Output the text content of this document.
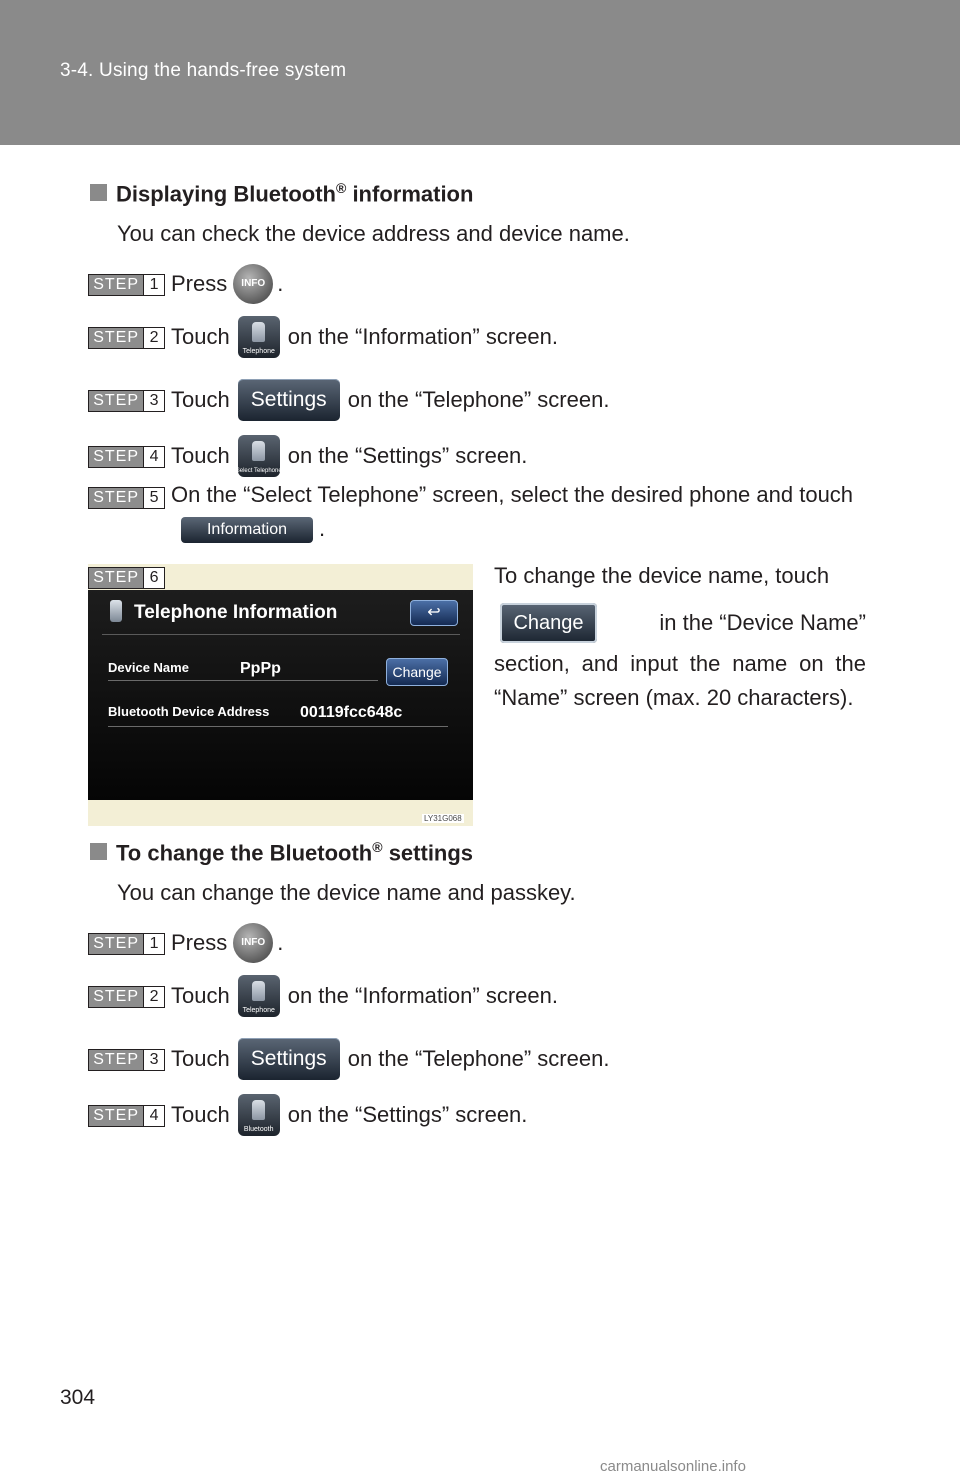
3-4. Using the hands-free system
Displaying Bluetooth® information
You can check the device address and device name.
STEP 1 Press	INFO .
STEP 2 Touch
Telephone
on the “Information” screen.
STEP 3 Touch	Settings on the “Telephone” screen.
STEP 4 Touch
Select Telephone
on the “Settings” screen.
STEP 5 On the “Select Telephone” screen, select the desired phone and touchInformation .
STEP 6
Telephone Information	↩
Device Name	PpPp	Change
Bluetooth Device Address 00119fcc648c
LY31G068
To change the device name, touch
Change	in the “Device Name”
section, and input the name on the “Name” screen (max. 20 characters).
To change the Bluetooth® settings
You can change the device name and passkey.
STEP 1 Press	INFO .
STEP 2 Touch
Telephone
on the “Information” screen.
STEP 3 Touch	Settings on the “Telephone” screen.
STEP 4 Touch
Bluetooth
on the “Settings” screen.
304
carmanualsonline.info
